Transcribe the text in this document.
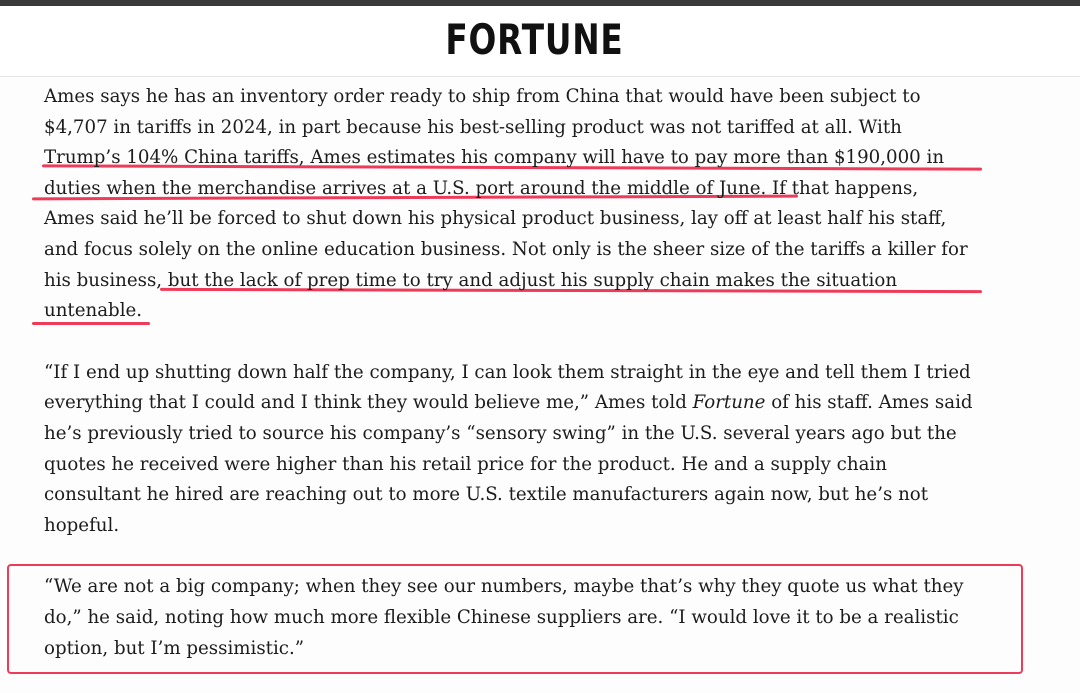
FORTUNE
Ames says he has an inventory order ready to ship from China that would have been subject to
$4,707 in tariffs in 2024, in part because his best-selling product was not tariffed at all. With
Trump’s 104% China tariffs, Ames estimates his company will have to pay more than $190,000 in
duties when the merchandise arrives at a U.S. port around the middle of June. If that happens,
Ames said he’ll be forced to shut down his physical product business, lay off at least half his staff,
and focus solely on the online education business. Not only is the sheer size of the tariffs a killer for
his business, but the lack of prep time to try and adjust his supply chain makes the situation
untenable.
“If I end up shutting down half the company, I can look them straight in the eye and tell them I tried
everything that I could and I think they would believe me,” Ames told Fortune of his staff. Ames said
he’s previously tried to source his company’s “sensory swing” in the U.S. several years ago but the
quotes he received were higher than his retail price for the product. He and a supply chain
consultant he hired are reaching out to more U.S. textile manufacturers again now, but he’s not
hopeful.
“We are not a big company; when they see our numbers, maybe that’s why they quote us what they
do,” he said, noting how much more flexible Chinese suppliers are. “I would love it to be a realistic
option, but I’m pessimistic.”
